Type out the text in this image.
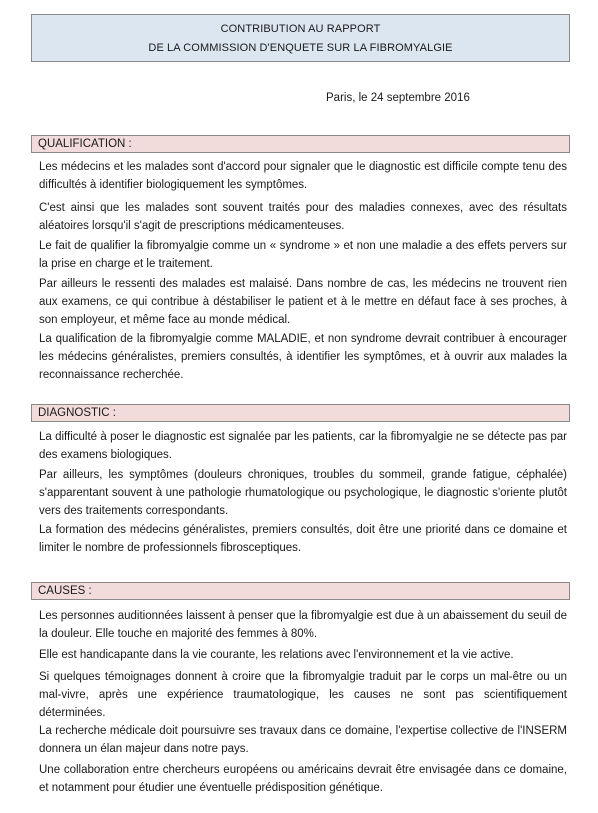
CONTRIBUTION AU RAPPORT
DE LA COMMISSION D'ENQUETE SUR LA FIBROMYALGIE
Paris, le 24 septembre 2016
QUALIFICATION :

Les médecins et les malades sont d'accord pour signaler que le diagnostic est difficile compte tenu des difficultés à identifier biologiquement les symptômes.

C'est ainsi que les malades sont souvent traités pour des maladies connexes, avec des résultats aléatoires lorsqu'il s'agit de prescriptions médicamenteuses.

Le fait de qualifier la fibromyalgie comme un « syndrome » et non une maladie a des effets pervers sur la prise en charge et le traitement.

Par ailleurs le ressenti des malades est malaisé. Dans nombre de cas, les médecins ne trouvent rien aux examens, ce qui contribue à déstabiliser le patient et à le mettre en défaut face à ses proches, à son employeur, et même face au monde médical.

La qualification de la fibromyalgie comme MALADIE, et non syndrome devrait contribuer à encourager les médecins généralistes, premiers consultés, à identifier les symptômes, et à ouvrir aux malades la reconnaissance recherchée.

DIAGNOSTIC :

La difficulté à poser le diagnostic est signalée par les patients, car la fibromyalgie ne se détecte pas par des examens biologiques.

Par ailleurs, les symptômes (douleurs chroniques, troubles du sommeil, grande fatigue, céphalée) s'apparentant souvent à une pathologie rhumatologique ou psychologique, le diagnostic s'oriente plutôt vers des traitements correspondants.

La formation des médecins généralistes, premiers consultés, doit être une priorité dans ce domaine et limiter le nombre de professionnels fibrosceptiques.

CAUSES :

Les personnes auditionnées laissent à penser que la fibromyalgie est due à un abaissement du seuil de la douleur. Elle touche en majorité des femmes à 80%.

Elle est handicapante dans la vie courante, les relations avec l'environnement et la vie active.

Si quelques témoignages donnent à croire que la fibromyalgie traduit par le corps un mal-être ou un mal-vivre, après une expérience traumatologique, les causes ne sont pas scientifiquement déterminées.

La recherche médicale doit poursuivre ses travaux dans ce domaine, l'expertise collective de l'INSERM donnera un élan majeur dans notre pays.

Une collaboration entre chercheurs européens ou américains devrait être envisagée dans ce domaine, et notamment pour étudier une éventuelle prédisposition génétique.
